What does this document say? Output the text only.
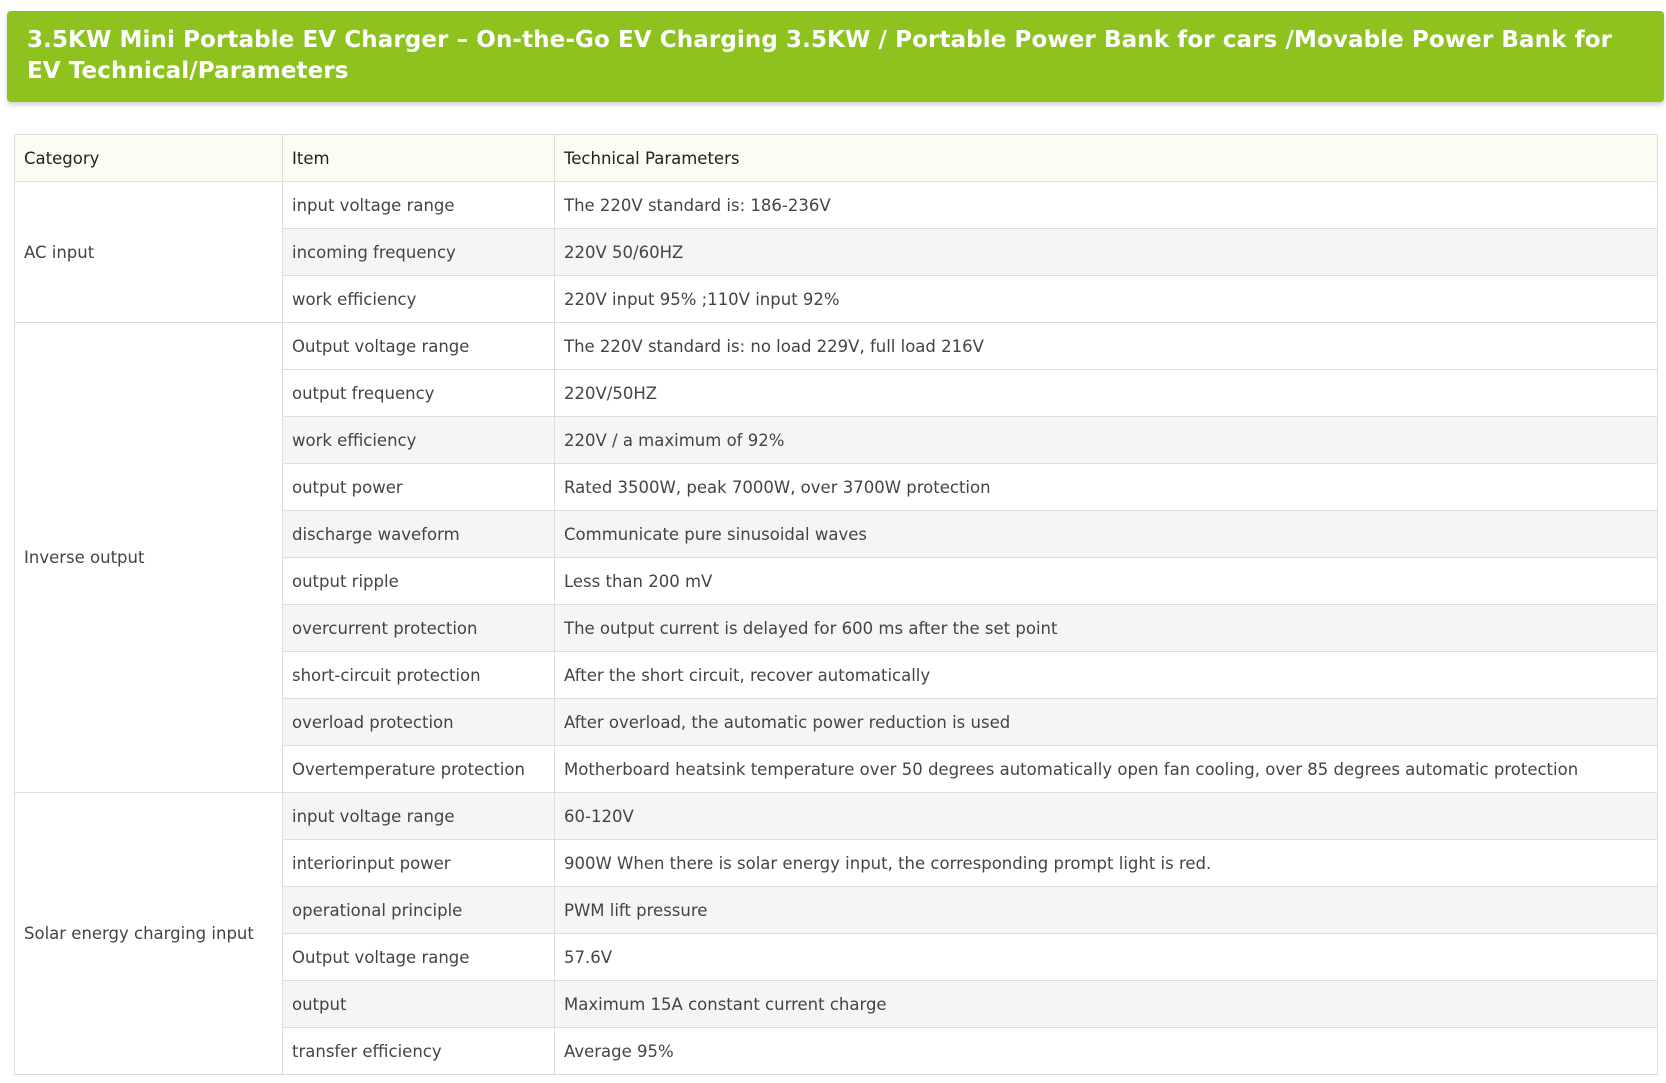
3.5KW Mini Portable EV Charger – On-the-Go EV Charging 3.5KW / Portable Power Bank for cars /Movable Power Bank for EV Technical/Parameters
Category	Item	Technical Parameters
AC input	input voltage range	The 220V standard is: 186-236V
	incoming frequency	220V 50/60HZ
	work efficiency	220V input 95% ;110V input 92%
Inverse output	Output voltage range	The 220V standard is: no load 229V, full load 216V
	output frequency	220V/50HZ
	work efficiency	220V / a maximum of 92%
	output power	Rated 3500W, peak 7000W, over 3700W protection
	discharge waveform	Communicate pure sinusoidal waves
	output ripple	Less than 200 mV
	overcurrent protection	The output current is delayed for 600 ms after the set point
	short-circuit protection	After the short circuit, recover automatically
	overload protection	After overload, the automatic power reduction is used
	Overtemperature protection	Motherboard heatsink temperature over 50 degrees automatically open fan cooling, over 85 degrees automatic protection
Solar energy charging input	input voltage range	60-120V
	interiorinput power	900W When there is solar energy input, the corresponding prompt light is red.
	operational principle	PWM lift pressure
	Output voltage range	57.6V
	output	Maximum 15A constant current charge
	transfer efficiency	Average 95%
